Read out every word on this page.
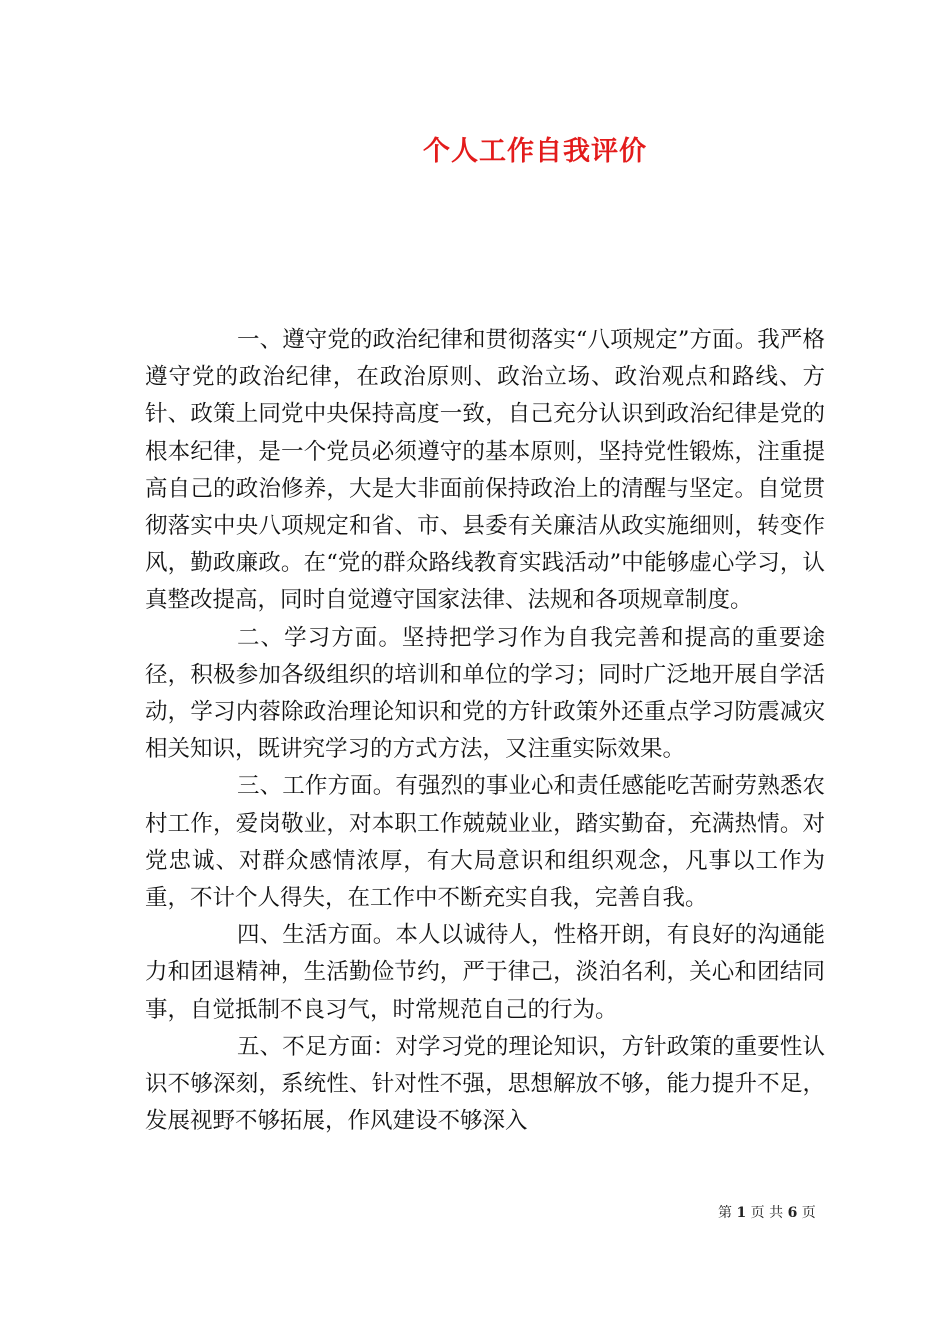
个人工作自我评价

一、遵守党的政治纪律和贯彻落实“八项规定”方面。我严格遵守党的政治纪律，在政治原则、政治立场、政治观点和路线、方针、政策上同党中央保持高度一致，自己充分认识到政治纪律是党的根本纪律，是一个党员必须遵守的基本原则，坚持党性锻炼，注重提高自己的政治修养，大是大非面前保持政治上的清醒与坚定。自觉贯彻落实中央八项规定和省、市、县委有关廉洁从政实施细则，转变作风，勤政廉政。在“党的群众路线教育实践活动”中能够虚心学习，认真整改提高，同时自觉遵守国家法律、法规和各项规章制度。

二、学习方面。坚持把学习作为自我完善和提高的重要途径，积极参加各级组织的培训和单位的学习；同时广泛地开展自学活动，学习内蓉除政治理论知识和党的方针政策外还重点学习防震减灾相关知识，既讲究学习的方式方法，又注重实际效果。

三、工作方面。有强烈的事业心和责任感能吃苦耐劳熟悉农村工作，爱岗敬业，对本职工作兢兢业业，踏实勤奋，充满热情。对党忠诚、对群众感情浓厚，有大局意识和组织观念，凡事以工作为重，不计个人得失，在工作中不断充实自我，完善自我。

四、生活方面。本人以诚待人，性格开朗，有良好的沟通能力和团退精神，生活勤俭节约，严于律己，淡泊名利，关心和团结同事，自觉抵制不良习气，时常规范自己的行为。

五、不足方面：对学习党的理论知识，方针政策的重要性认识不够深刻，系统性、针对性不强，思想解放不够，能力提升不足，发展视野不够拓展，作风建设不够深入

第 1 页 共 6 页
